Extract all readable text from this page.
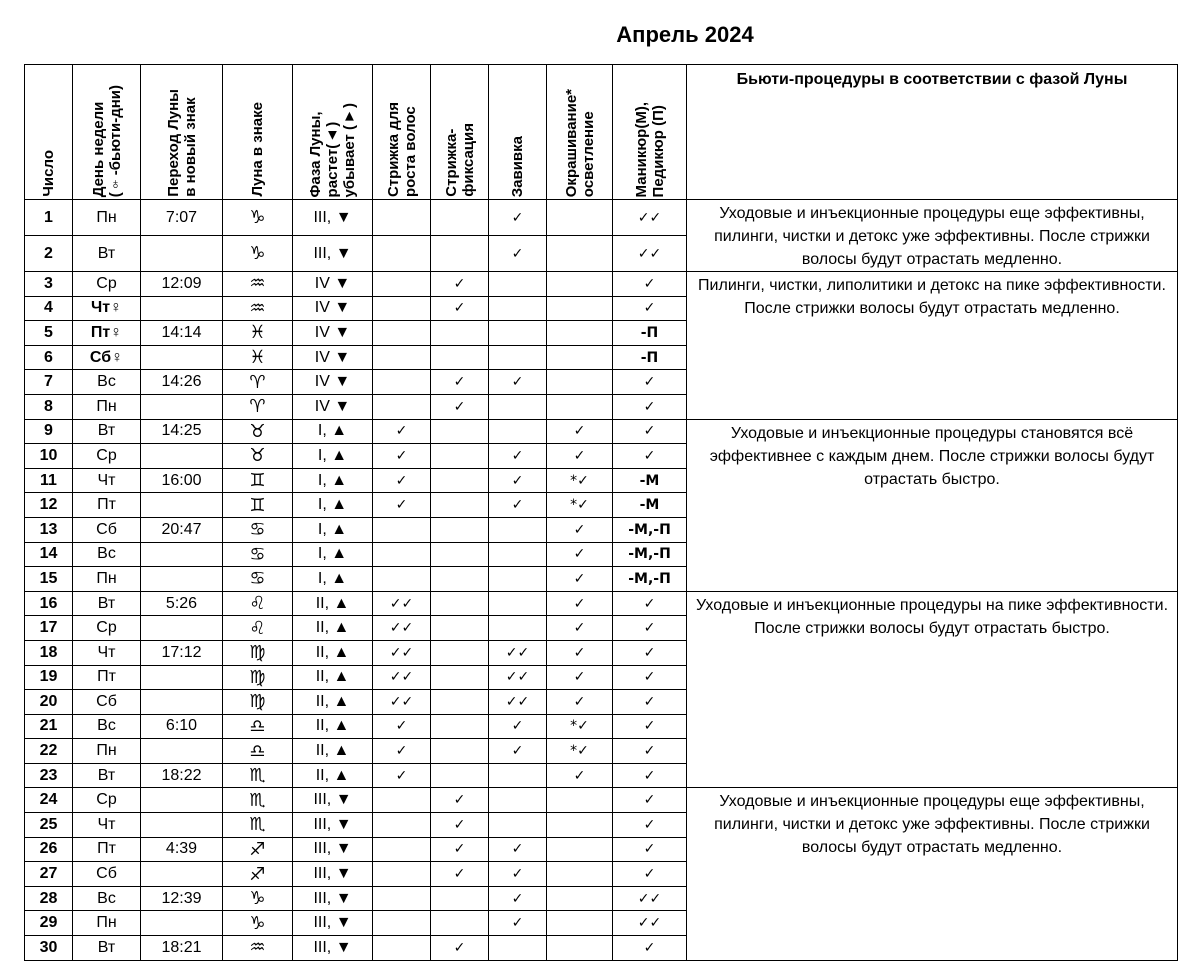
Апрель 2024
Число	День недели
(♀-бьюти-дни)	Переход Луны
в новый знак	Луна в знаке	Фаза Луны,
растет(▲)
убывает (▼)	Стрижка для
роста волос	Стрижка-
фиксация	Завивка	Окрашивание*
осветление	Маникюр(М),
Педикюр (П)	Бьюти-процедуры в соответствии с фазой Луны
1	Пн	7:07	♑	III, ▼			✓		✓✓	Уходовые и инъекционные процедуры еще эффективны, пилинги, чистки и детокс уже эффективны. После стрижки волосы будут отрастать медленно.
2	Вт		♑	III, ▼			✓		✓✓	
3	Ср	12:09	♒	IV ▼		✓			✓	Пилинги, чистки, липолитики и детокс на пике эффективности. После стрижки волосы будут отрастать медленно.
4	Чт♀		♒	IV ▼		✓			✓	
5	Пт♀	14:14	♓	IV ▼					-П	
6	Сб♀		♓	IV ▼					-П	
7	Вс	14:26	♈	IV ▼		✓	✓		✓	
8	Пн		♈	IV ▼		✓			✓	
9	Вт	14:25	♉	I, ▲	✓			✓	✓	Уходовые и инъекционные процедуры становятся всё эффективнее с каждым днем. После стрижки волосы будут отрастать быстро.
10	Ср		♉	I, ▲	✓		✓	✓	✓	
11	Чт	16:00	♊	I, ▲	✓		✓	*✓	-М	
12	Пт		♊	I, ▲	✓		✓	*✓	-М	
13	Сб	20:47	♋	I, ▲				✓	-М,-П	
14	Вс		♋	I, ▲				✓	-М,-П	
15	Пн		♋	I, ▲				✓	-М,-П	
16	Вт	5:26	♌	II, ▲	✓✓			✓	✓	Уходовые и инъекционные процедуры на пике эффективности. После стрижки волосы будут отрастать быстро.
17	Ср		♌	II, ▲	✓✓			✓	✓	
18	Чт	17:12	♍	II, ▲	✓✓		✓✓	✓	✓	
19	Пт		♍	II, ▲	✓✓		✓✓	✓	✓	
20	Сб		♍	II, ▲	✓✓		✓✓	✓	✓	
21	Вс	6:10	♎	II, ▲	✓		✓	*✓	✓	
22	Пн		♎	II, ▲	✓		✓	*✓	✓	
23	Вт	18:22	♏	II, ▲	✓			✓	✓	
24	Ср		♏	III, ▼		✓			✓	Уходовые и инъекционные процедуры еще эффективны, пилинги, чистки и детокс уже эффективны. После стрижки волосы будут отрастать медленно.
25	Чт		♏	III, ▼		✓			✓	
26	Пт	4:39	♐	III, ▼		✓	✓		✓	
27	Сб		♐	III, ▼		✓	✓		✓	
28	Вс	12:39	♑	III, ▼			✓		✓✓	
29	Пн		♑	III, ▼			✓		✓✓	
30	Вт	18:21	♒	III, ▼		✓			✓	
